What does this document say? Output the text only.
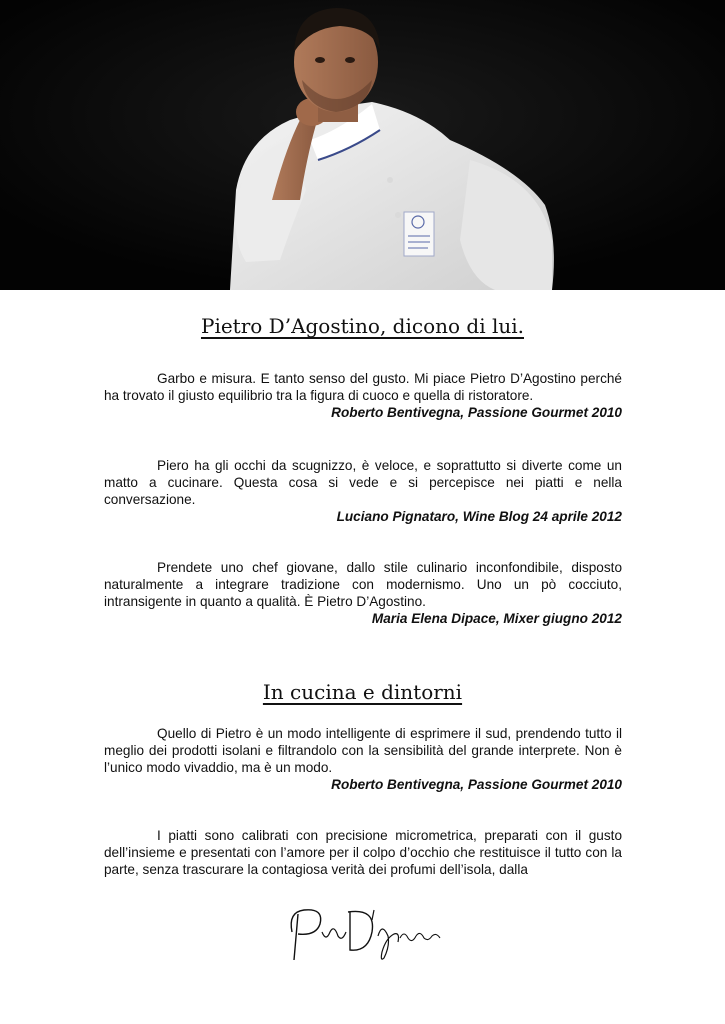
Pietro D’Agostino, dicono di lui.

Garbo e misura. E tanto senso del gusto. Mi piace Pietro D’Agostino perché ha trovato il giusto equilibrio tra la figura di cuoco e quella di ristoratore.

Roberto Bentivegna, Passione Gourmet 2010

Piero ha gli occhi da scugnizzo, è veloce, e soprattutto si diverte come un matto a cucinare. Questa cosa si vede e si percepisce nei piatti e nella conversazione.

Luciano Pignataro, Wine Blog 24 aprile 2012

Prendete uno chef giovane, dallo stile culinario inconfondibile, disposto naturalmente a integrare tradizione con modernismo. Uno un pò cocciuto, intransigente in quanto a qualità. È Pietro D’Agostino.

Maria Elena Dipace, Mixer giugno 2012

In cucina e dintorni

Quello di Pietro è un modo intelligente di esprimere il sud, prendendo tutto il meglio dei prodotti isolani e filtrandolo con la sensibilità del grande interprete. Non è l’unico modo vivaddio, ma è un modo.

Roberto Bentivegna, Passione Gourmet 2010

I piatti sono calibrati con precisione micrometrica, preparati con il gusto dell’insieme e presentati con l’amore per il colpo d’occhio che restituisce il tutto con la parte, senza trascurare la contagiosa verità dei profumi dell’isola, dalla
